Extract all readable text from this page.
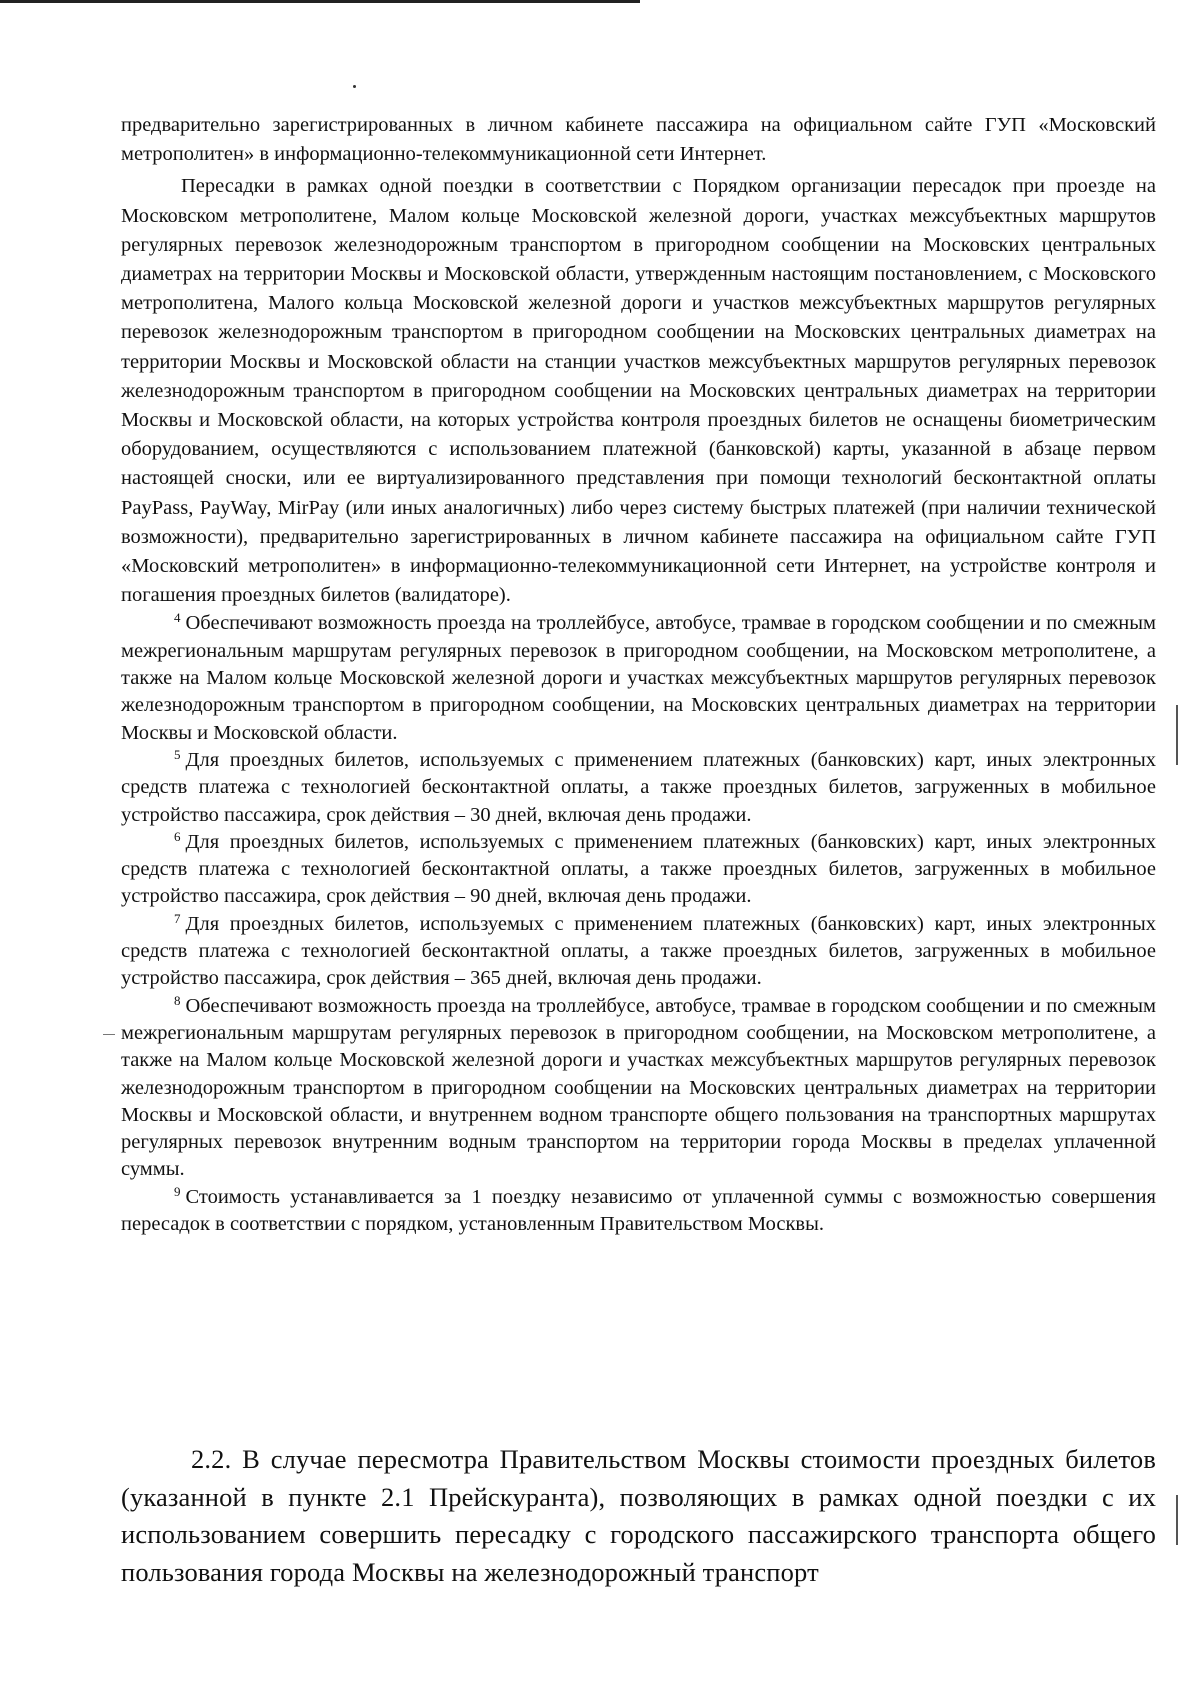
предварительно зарегистрированных в личном кабинете пассажира на официальном сайте ГУП «Московский метрополитен» в информационно-телекоммуникационной сети Интернет.

Пересадки в рамках одной поездки в соответствии с Порядком организации пересадок при проезде на Московском метрополитене, Малом кольце Московской железной дороги, участках межсубъектных маршрутов регулярных перевозок железнодорожным транспортом в пригородном сообщении на Московских центральных диаметрах на территории Москвы и Московской области, утвержденным настоящим постановлением, с Московского метрополитена, Малого кольца Московской железной дороги и участков межсубъектных маршрутов регулярных перевозок железнодорожным транспортом в пригородном сообщении на Московских центральных диаметрах на территории Москвы и Московской области на станции участков межсубъектных маршрутов регулярных перевозок железнодорожным транспортом в пригородном сообщении на Московских центральных диаметрах на территории Москвы и Московской области, на которых устройства контроля проездных билетов не оснащены биометрическим оборудованием, осуществляются с использованием платежной (банковской) карты, указанной в абзаце первом настоящей сноски, или ее виртуализированного представления при помощи технологий бесконтактной оплаты PayPass, PayWay, MirPay (или иных аналогичных) либо через систему быстрых платежей (при наличии технической возможности), предварительно зарегистрированных в личном кабинете пассажира на официальном сайте ГУП «Московский метрополитен» в информационно-телекоммуникационной сети Интернет, на устройстве контроля и погашения проездных билетов (валидаторе).

$^4$ Обеспечивают возможность проезда на троллейбусе, автобусе, трамвае в городском сообщении и по смежным межрегиональным маршрутам регулярных перевозок в пригородном сообщении, на Московском метрополитене, а также на Малом кольце Московской железной дороги и участках межсубъектных маршрутов регулярных перевозок железнодорожным транспортом в пригородном сообщении, на Московских центральных диаметрах на территории Москвы и Московской области.

$^5$ Для проездных билетов, используемых с применением платежных (банковских) карт, иных электронных средств платежа с технологией бесконтактной оплаты, а также проездных билетов, загруженных в мобильное устройство пассажира, срок действия – 30 дней, включая день продажи.

$^6$ Для проездных билетов, используемых с применением платежных (банковских) карт, иных электронных средств платежа с технологией бесконтактной оплаты, а также проездных билетов, загруженных в мобильное устройство пассажира, срок действия – 90 дней, включая день продажи.

$^7$ Для проездных билетов, используемых с применением платежных (банковских) карт, иных электронных средств платежа с технологией бесконтактной оплаты, а также проездных билетов, загруженных в мобильное устройство пассажира, срок действия – 365 дней, включая день продажи.

$^8$ Обеспечивают возможность проезда на троллейбусе, автобусе, трамвае в городском сообщении и по смежным межрегиональным маршрутам регулярных перевозок в пригородном сообщении, на Московском метрополитене, а также на Малом кольце Московской железной дороги и участках межсубъектных маршрутов регулярных перевозок железнодорожным транспортом в пригородном сообщении на Московских центральных диаметрах на территории Москвы и Московской области, и внутреннем водном транспорте общего пользования на транспортных маршрутах регулярных перевозок внутренним водным транспортом на территории города Москвы в пределах уплаченной суммы.

$^9$ Стоимость устанавливается за 1 поездку независимо от уплаченной суммы с возможностью совершения пересадок в соответствии с порядком, установленным Правительством Москвы.

2.2. В случае пересмотра Правительством Москвы стоимости проездных билетов (указанной в пункте 2.1 Прейскуранта), позволяющих в рамках одной поездки с их использованием совершить пересадку с городского пассажирского транспорта общего пользования города Москвы на железнодорожный транспорт
